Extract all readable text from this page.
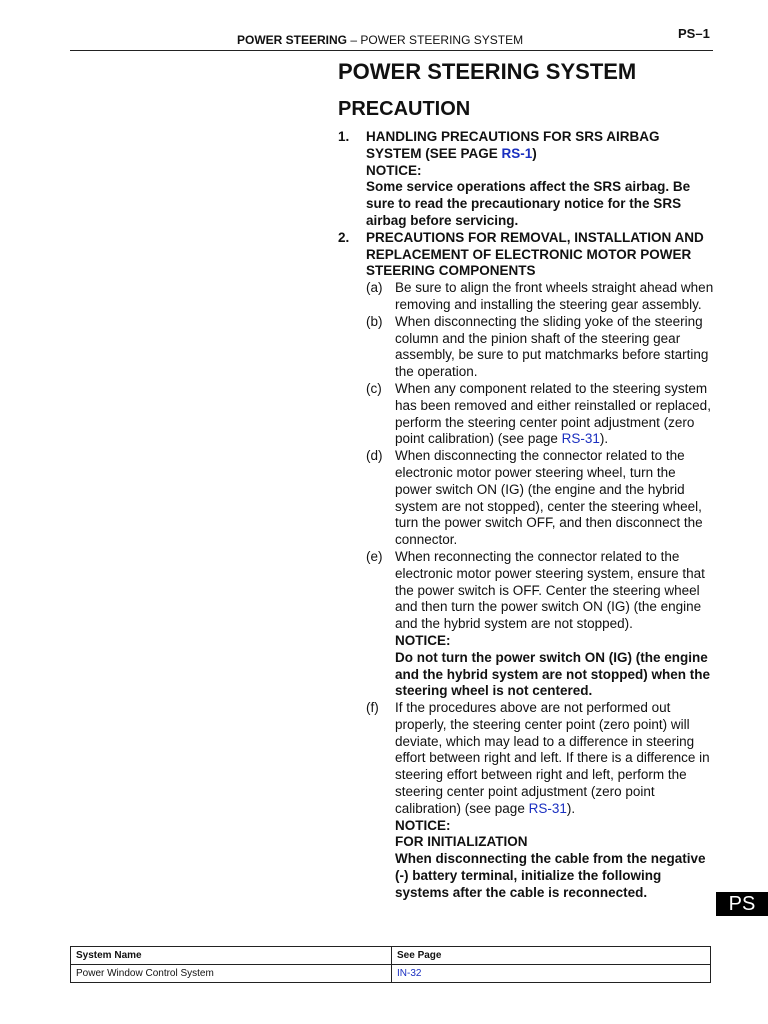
POWER STEERING – POWER STEERING SYSTEM	PS–1
POWER STEERING SYSTEM
PRECAUTION
1. HANDLING PRECAUTIONS FOR SRS AIRBAG SYSTEM (SEE PAGE RS-1)
NOTICE:
Some service operations affect the SRS airbag. Be sure to read the precautionary notice for the SRS airbag before servicing.
2. PRECAUTIONS FOR REMOVAL, INSTALLATION AND REPLACEMENT OF ELECTRONIC MOTOR POWER STEERING COMPONENTS
(a) Be sure to align the front wheels straight ahead when removing and installing the steering gear assembly.
(b) When disconnecting the sliding yoke of the steering column and the pinion shaft of the steering gear assembly, be sure to put matchmarks before starting the operation.
(c) When any component related to the steering system has been removed and either reinstalled or replaced, perform the steering center point adjustment (zero point calibration) (see page RS-31).
(d) When disconnecting the connector related to the electronic motor power steering wheel, turn the power switch ON (IG) (the engine and the hybrid system are not stopped), center the steering wheel, turn the power switch OFF, and then disconnect the connector.
(e) When reconnecting the connector related to the electronic motor power steering system, ensure that the power switch is OFF. Center the steering wheel and then turn the power switch ON (IG) (the engine and the hybrid system are not stopped).
NOTICE:
Do not turn the power switch ON (IG) (the engine and the hybrid system are not stopped) when the steering wheel is not centered.
(f) If the procedures above are not performed out properly, the steering center point (zero point) will deviate, which may lead to a difference in steering effort between right and left. If there is a difference in steering effort between right and left, perform the steering center point adjustment (zero point calibration) (see page RS-31).
NOTICE:
FOR INITIALIZATION
When disconnecting the cable from the negative (-) battery terminal, initialize the following systems after the cable is reconnected.
PS
System Name	See Page
Power Window Control System	IN-32
